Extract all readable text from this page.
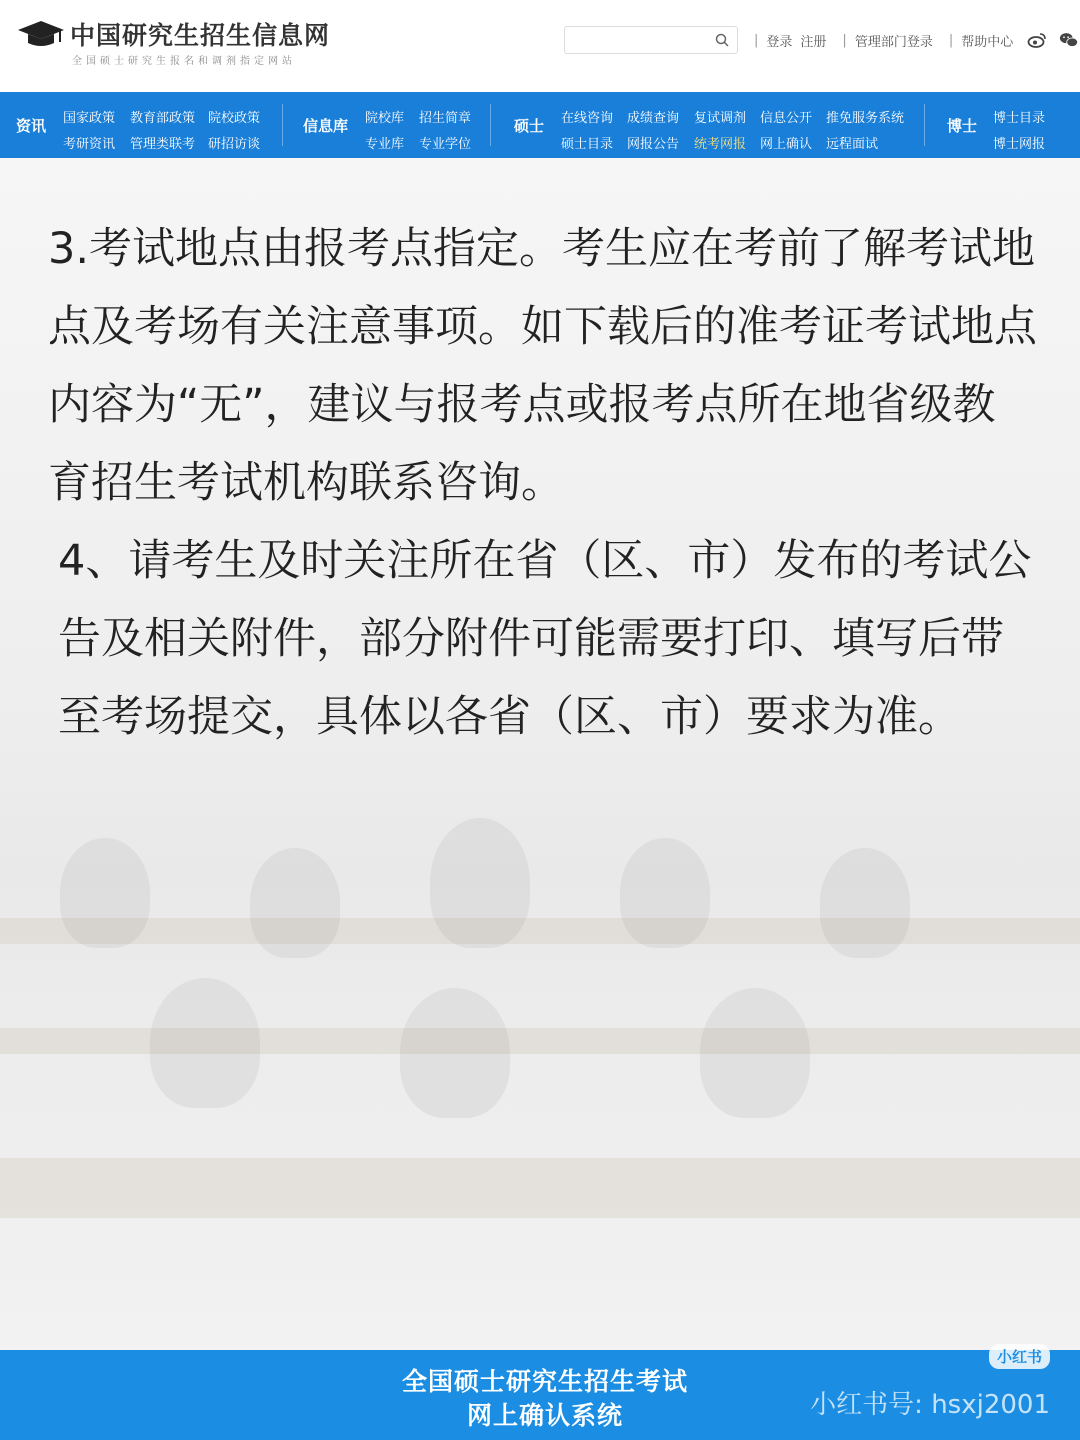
中国研究生招生信息网
全国硕士研究生报名和调剂指定网站
| 登录 注册 | 管理部门登录 | 帮助中心
资讯 国家政策 教育部政策 院校政策
考研资讯 管理类联考 研招访谈
信息库 院校库 招生简章
专业库 专业学位
硕士 在线咨询 成绩查询 复试调剂 信息公开 推免服务系统
硕士目录 网报公告 统考网报 网上确认 远程面试
博士 博士目录
博士网报

3.考试地点由报考点指定。考生应在考前了解考试地点及考场有关注意事项。如下载后的准考证考试地点内容为“无”，建议与报考点或报考点所在地省级教育招生考试机构联系咨询。

4、请考生及时关注所在省（区、市）发布的考试公告及相关附件，部分附件可能需要打印、填写后带至考场提交，具体以各省（区、市）要求为准。

全国硕士研究生招生考试
网上确认系统
小红书
小红书号: hsxj2001
